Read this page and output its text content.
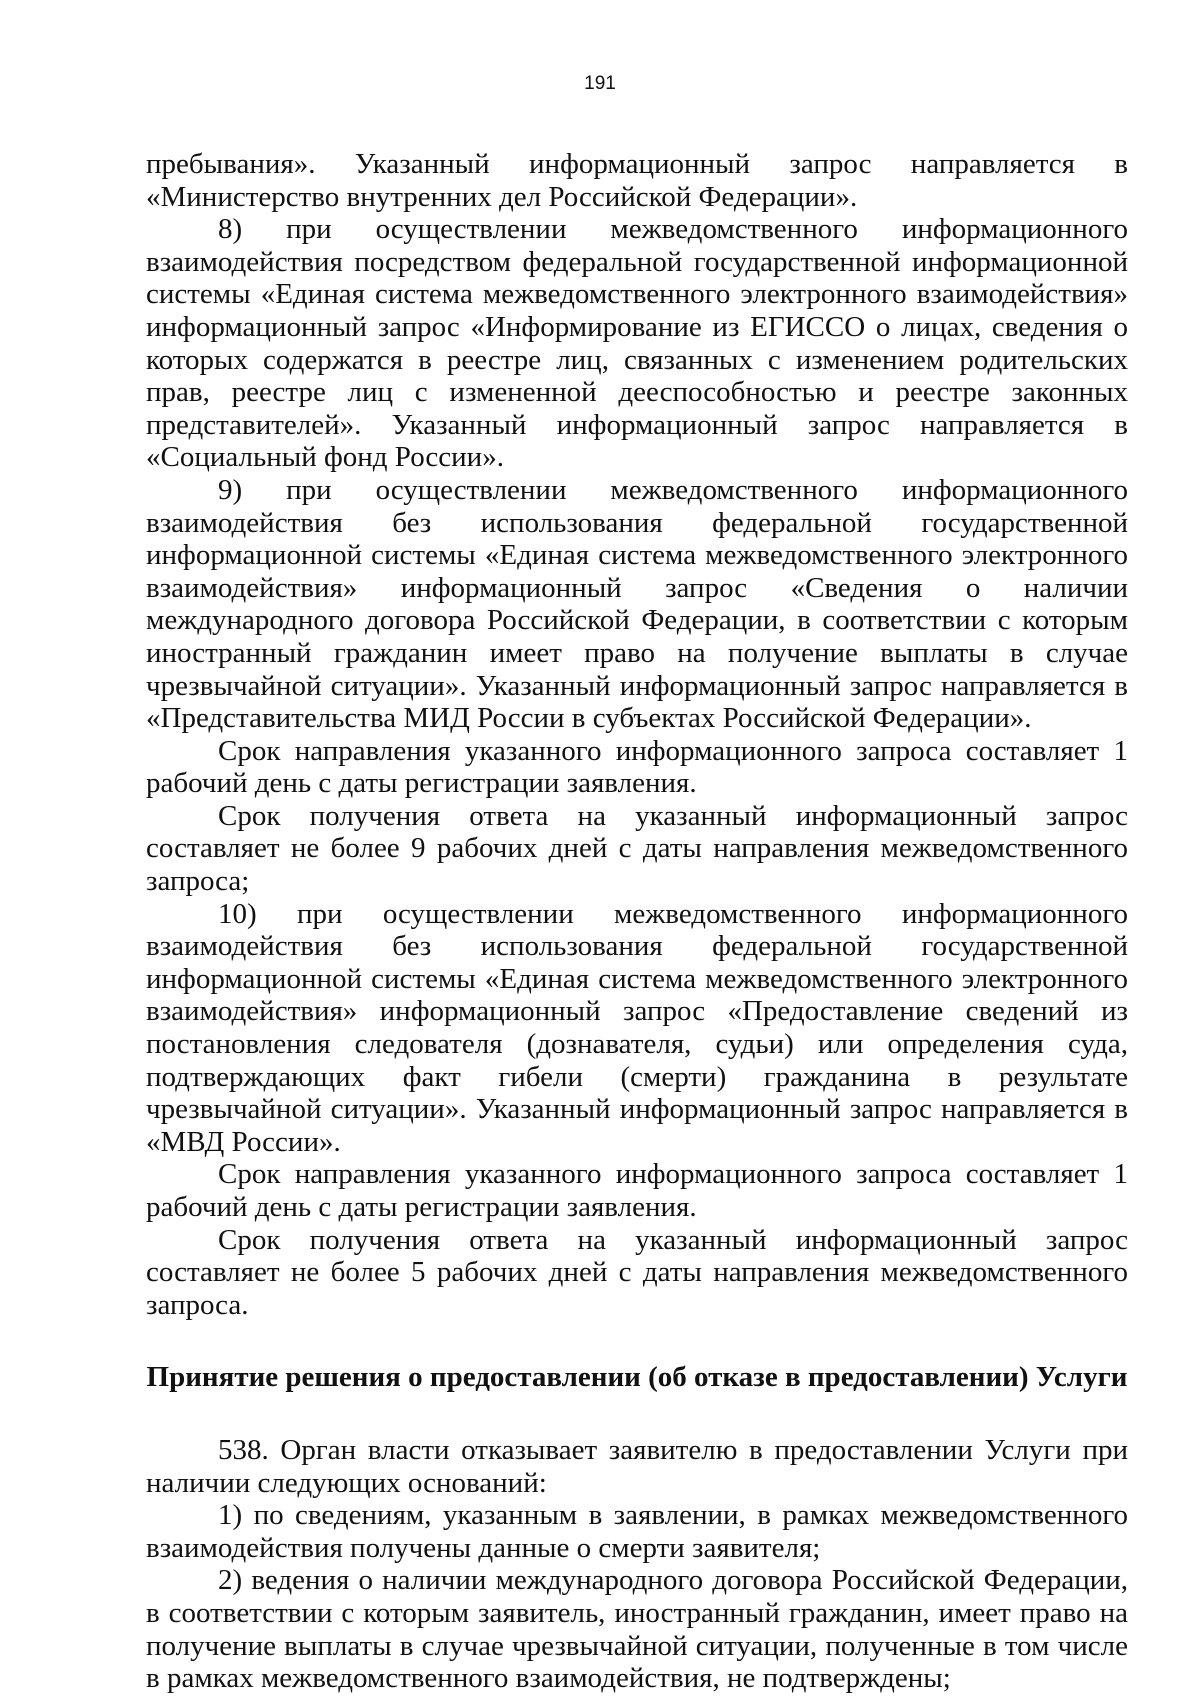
191

пребывания». Указанный информационный запрос направляется в «Министерство внутренних дел Российской Федерации».

8) при осуществлении межведомственного информационного взаимодействия посредством федеральной государственной информационной системы «Единая система межведомственного электронного взаимодействия» информационный запрос «Информирование из ЕГИССО о лицах, сведения о которых содержатся в реестре лиц, связанных с изменением родительских прав, реестре лиц с измененной дееспособностью и реестре законных представителей». Указанный информационный запрос направляется в «Социальный фонд России».

9) при осуществлении межведомственного информационного взаимодействия без использования федеральной государственной информационной системы «Единая система межведомственного электронного взаимодействия» информационный запрос «Сведения о наличии международного договора Российской Федерации, в соответствии с которым иностранный гражданин имеет право на получение выплаты в случае чрезвычайной ситуации». Указанный информационный запрос направляется в «Представительства МИД России в субъектах Российской Федерации».

Срок направления указанного информационного запроса составляет 1 рабочий день с даты регистрации заявления.

Срок получения ответа на указанный информационный запрос составляет не более 9 рабочих дней с даты направления межведомственного запроса;

10) при осуществлении межведомственного информационного взаимодействия без использования федеральной государственной информационной системы «Единая система межведомственного электронного взаимодействия» информационный запрос «Предоставление сведений из постановления следователя (дознавателя, судьи) или определения суда, подтверждающих факт гибели (смерти) гражданина в результате чрезвычайной ситуации». Указанный информационный запрос направляется в «МВД России».

Срок направления указанного информационного запроса составляет 1 рабочий день с даты регистрации заявления.

Срок получения ответа на указанный информационный запрос составляет не более 5 рабочих дней с даты направления межведомственного запроса.

Принятие решения о предоставлении (об отказе в предоставлении) Услуги

538. Орган власти отказывает заявителю в предоставлении Услуги при наличии следующих оснований:

1) по сведениям, указанным в заявлении, в рамках межведомственного взаимодействия получены данные о смерти заявителя;

2) ведения о наличии международного договора Российской Федерации, в соответствии с которым заявитель, иностранный гражданин, имеет право на получение выплаты в случае чрезвычайной ситуации, полученные в том числе в рамках межведомственного взаимодействия, не подтверждены;
